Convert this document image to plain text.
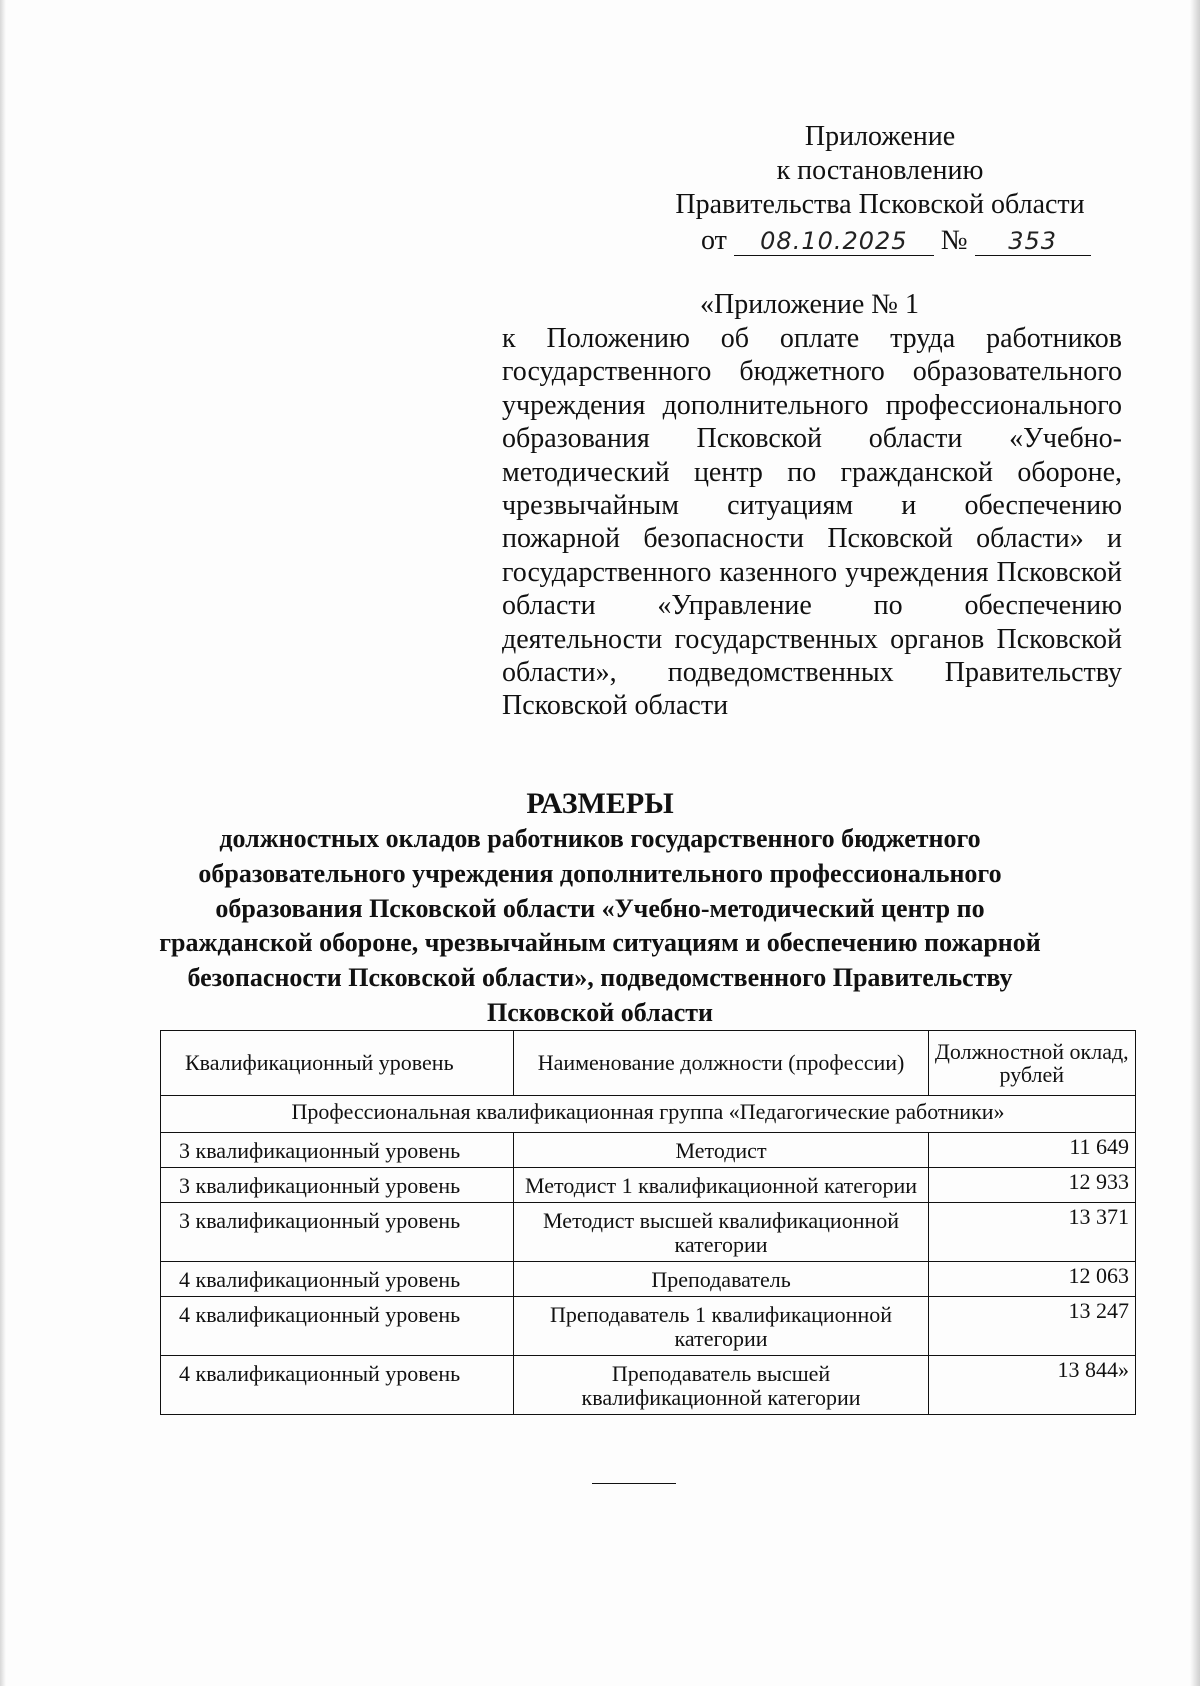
Приложение
к постановлению
Правительства Псковской области
от 08.10.2025 № 353
«Приложение № 1
к Положению об оплате труда работников государственного бюджетного образовательного учреждения дополнительного профессионального образования Псковской области «Учебно-методический центр по гражданской обороне, чрезвычайным ситуациям и обеспечению пожарной безопасности Псковской области» и государственного казенного учреждения Псковской области «Управление по обеспечению деятельности государственных органов Псковской области», подведомственных Правительству Псковской области
РАЗМЕРЫ
должностных окладов работников государственного бюджетного образовательного учреждения дополнительного профессионального образования Псковской области «Учебно-методический центр по гражданской обороне, чрезвычайным ситуациям и обеспечению пожарной безопасности Псковской области», подведомственного Правительству Псковской области
Квалификационный уровень	Наименование должности (профессии)	Должностной оклад, рублей
Профессиональная квалификационная группа «Педагогические работники»		
3 квалификационный уровень	Методист	11 649
3 квалификационный уровень	Методист 1 квалификационной категории	12 933
3 квалификационный уровень	Методист высшей квалификационной категории	13 371
4 квалификационный уровень	Преподаватель	12 063
4 квалификационный уровень	Преподаватель 1 квалификационной категории	13 247
4 квалификационный уровень	Преподаватель высшей квалификационной категории	13 844»
